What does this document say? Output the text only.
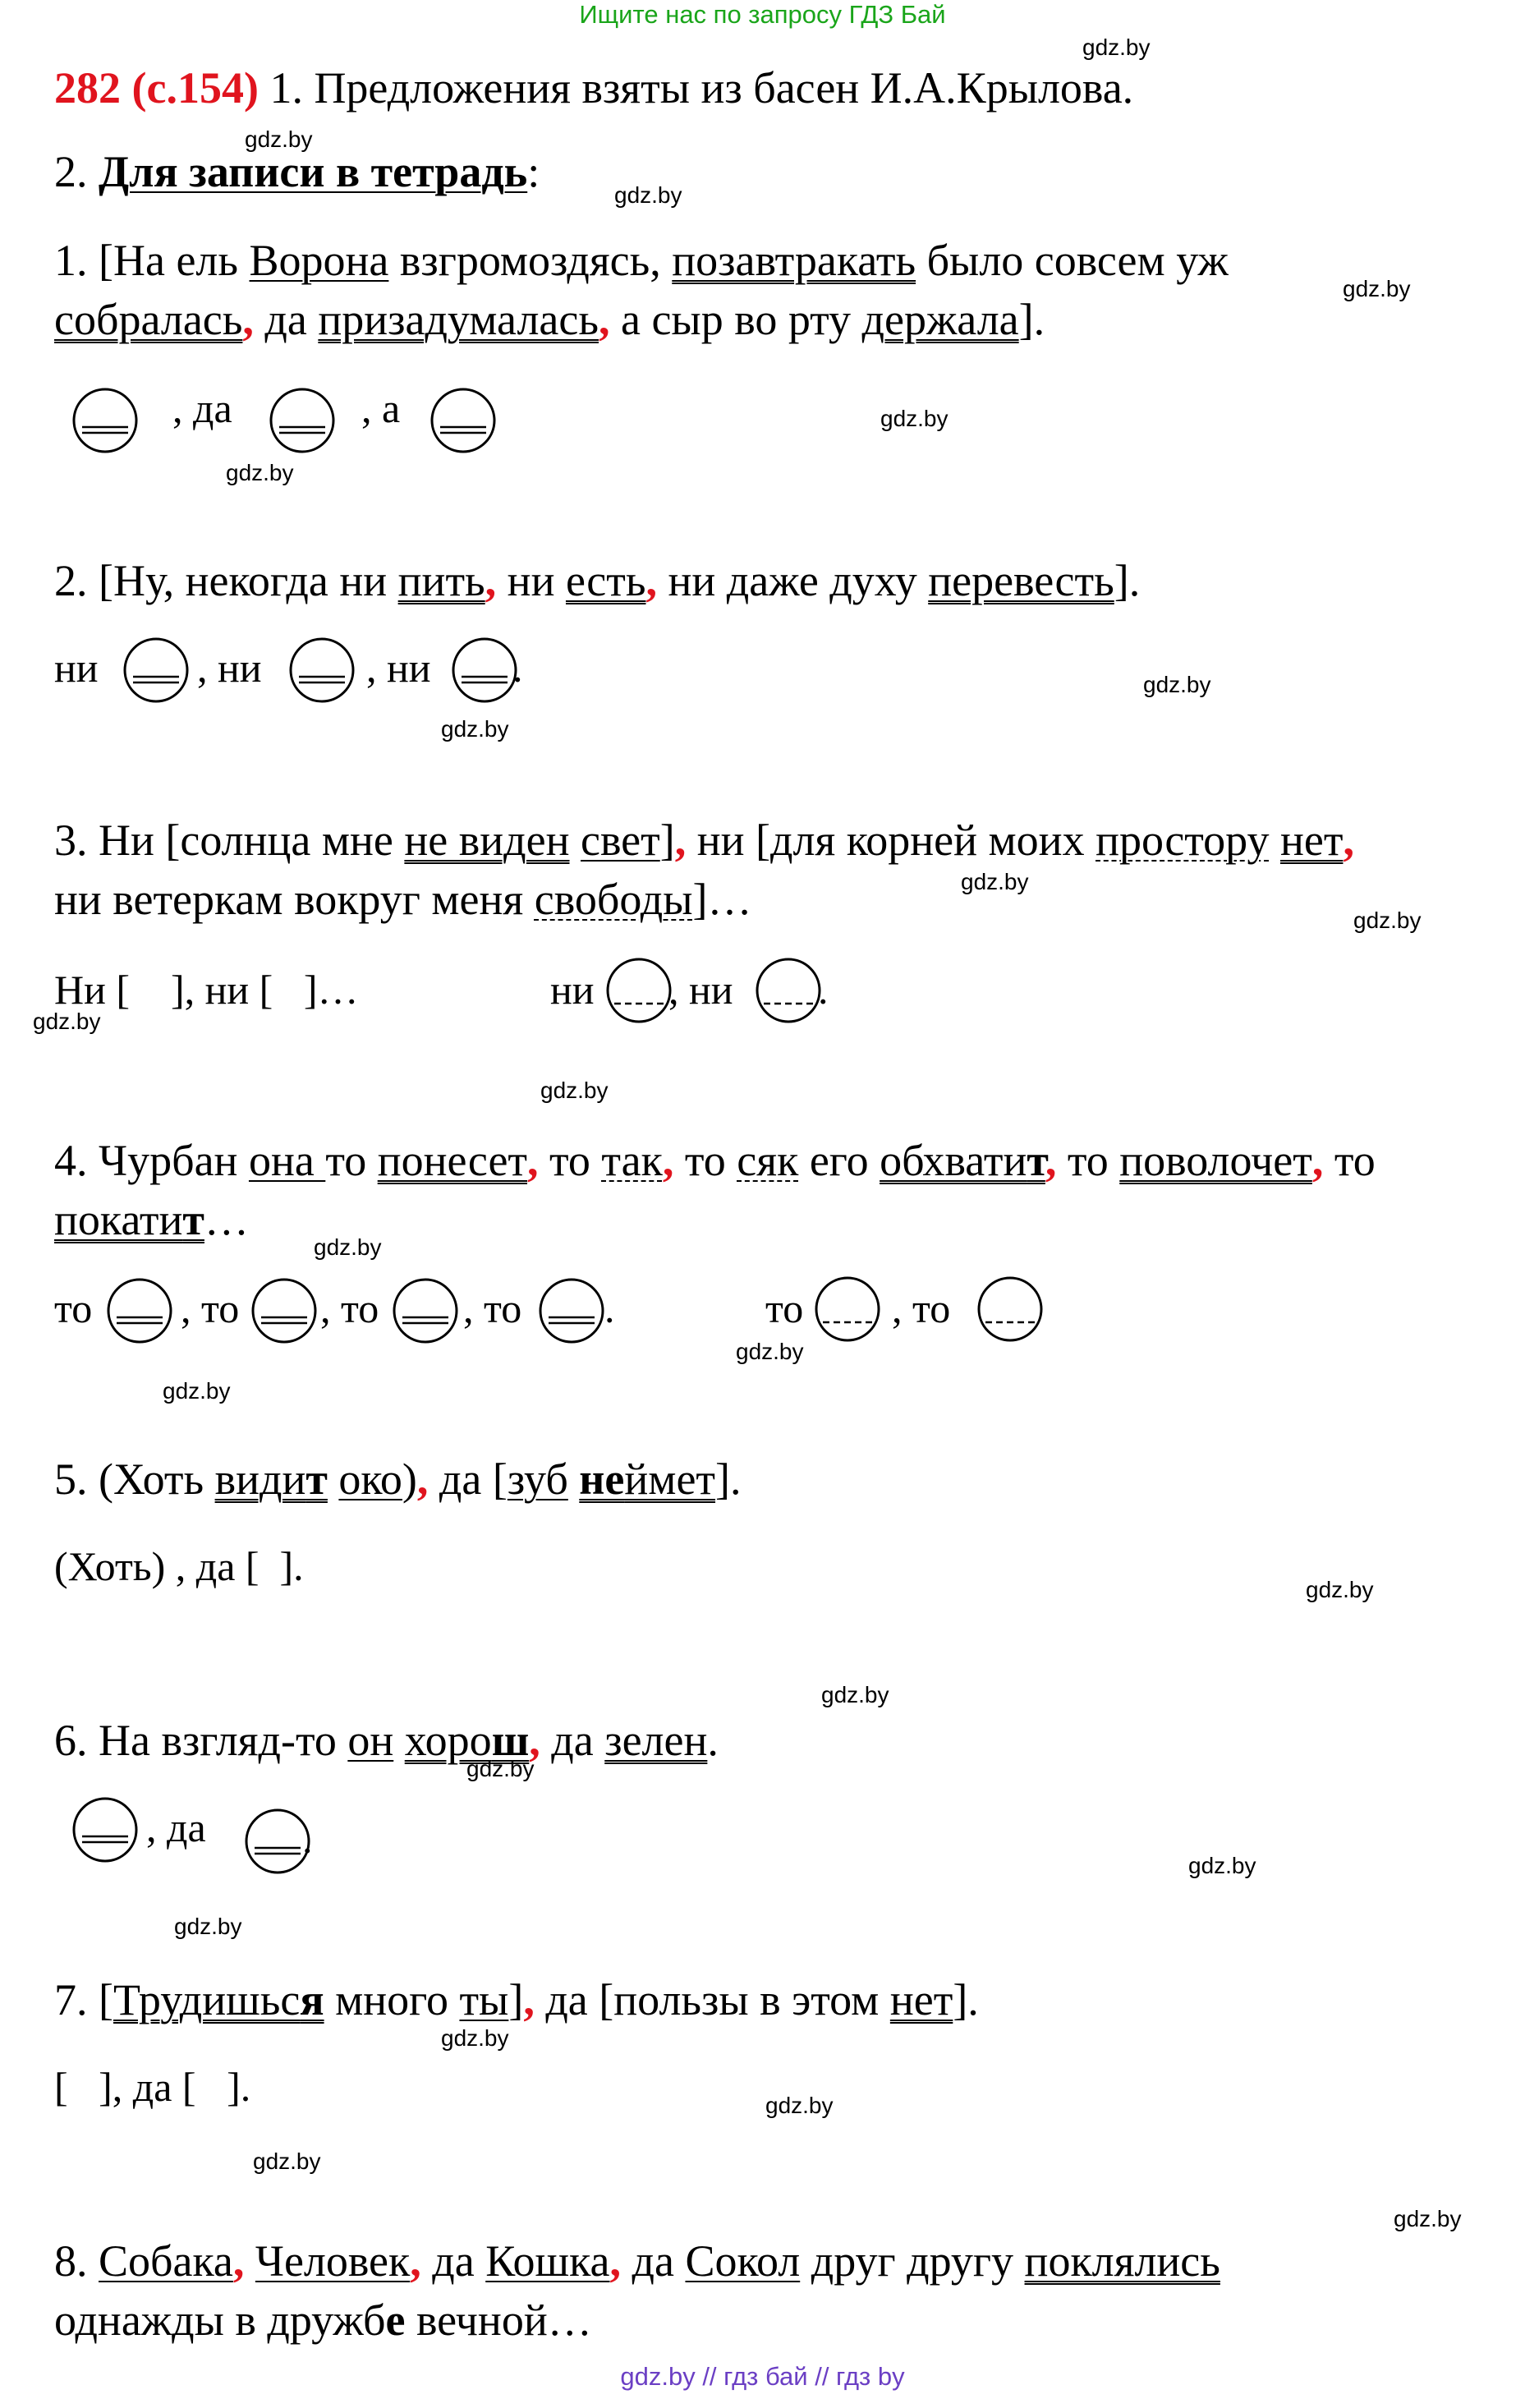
Ищите нас по запросу ГДЗ Бай
gdz.by // гдз бай // гдз by
gdz.by
gdz.by
gdz.by
gdz.by
gdz.by
gdz.by
gdz.by
gdz.by
gdz.by
gdz.by
gdz.by
gdz.by
gdz.by
gdz.by
gdz.by
gdz.by
gdz.by
gdz.by
gdz.by
gdz.by
gdz.by
gdz.by
gdz.by
gdz.by
282 (с.154) 1. Предложения взяты из басен И.А.Крылова.
2. Для записи в тетрадь:
1. [На ель Ворона взгромоздясь, позавтракать было совсем уж
собралась, да призадумалась, а сыр во рту держала].
, да	, а
2. [Ну, некогда ни пить, ни есть, ни даже духу перевесть].
ни , ни	, ни .
3. Ни [солнца мне не виден свет], ни [для корней моих простору нет,
ни ветеркам вокруг меня свободы]…
Ни [    ], ни [   ]…	ни , ни .
4. Чурбан она то понесет, то так, то сяк его обхватит, то поволочет, то
покатит…
то , то , то , то .	то , то
5. (Хоть видит око), да [зуб неймет].
(Хоть) , да [  ].
6. На взгляд-то он хорош, да зелен.
, да .
7. [Трудишься много ты], да [пользы в этом нет].
[   ], да [   ].
8. Собака, Человек, да Кошка, да Сокол друг другу поклялись
однажды в дружбе вечной…
